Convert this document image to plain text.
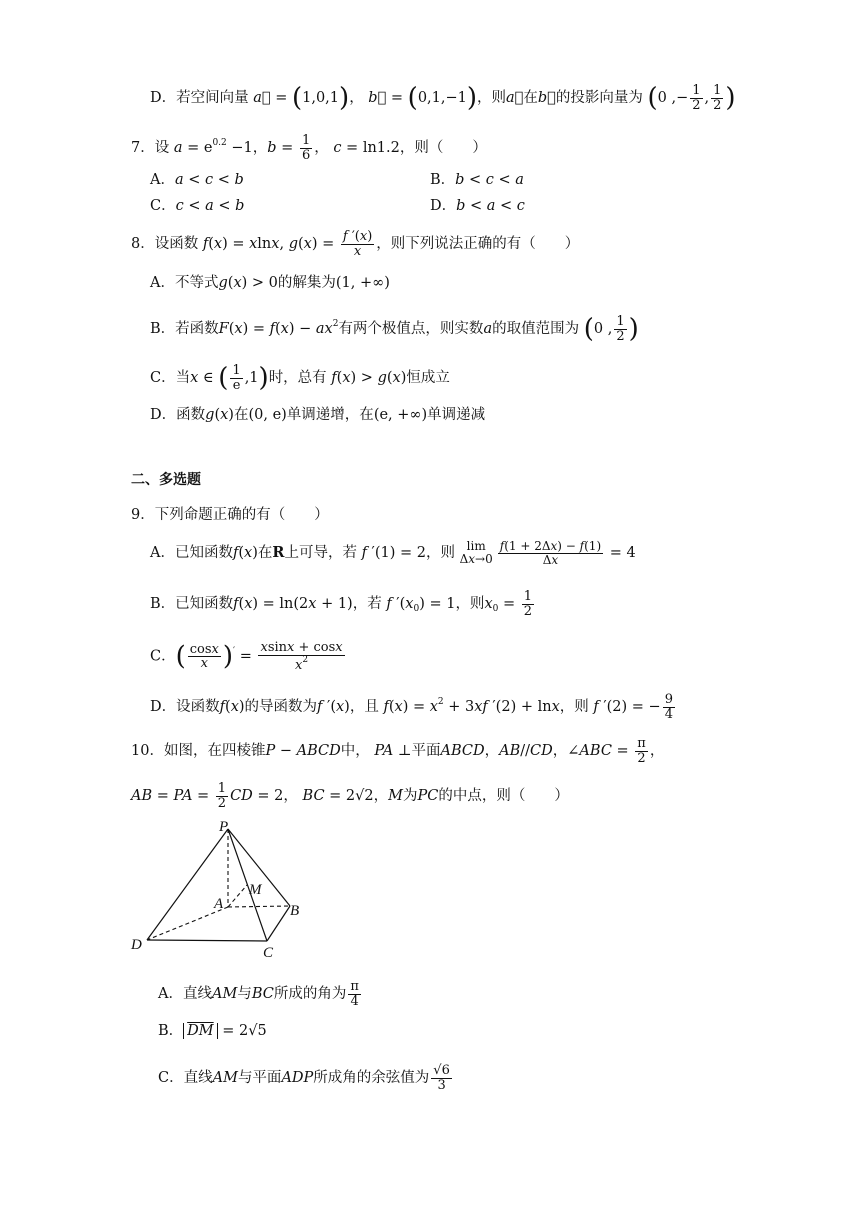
D．若空间向量 a⃗ = (1,0,1)， b⃗ = (0,1,−1)，则a⃗在b⃗的投影向量为 (0 ,− $\frac{1}{2}$ , $\frac{1}{2}$ )
7．设 $a = e^{0.2} -1$，$b = \frac{1}{6}$ ， c = ln1.2，则（　　）
A．a < c < b	B．b < c < a
C．c < a < b	D．b < a < c
8．设函数 f(x) = xlnx, $g(x) = \frac{f '(x)}{x}$ ，则下列说法正确的有（　　）
A．不等式g(x) > 0的解集为(1, +∞)
B．若函数$F(x) = f(x) - ax^2$有两个极值点，则实数a的取值范围为 (0 , $\frac{1}{2}$ )
C．当x ∈ ( $\frac{1}{e} ,1$)时，总有 f(x) > g(x)恒成立
D．函数g(x)在(0, e)单调递增，在(e, +∞)单调递减
二、多选题
9．下列命题正确的有（　　）
A．已知函数f(x)在R上可导，若 f ′(1) = 2，则 lim
$\Delta x\to 0 \frac{f(1 + 2\Delta x) - f(1)}{\Delta x} = 4$
B．已知函数f(x) = ln(2x + 1)，若 f $'(x_0) = 1$，则$x_0 = \frac{1}{2}$
C．( $\frac{\cos x}{x} )' = \frac{xsinx + \cos x}{x^2}$
D．设函数f(x)的导函数为f ′(x)，且 $f(x) = x^2 + 3xf$ ′(2) + lnx，则 f ′(2) = − $\frac{9}{4}$
10．如图，在四棱锥P − ABCD中， PA ⊥平面ABCD，AB//CD，∠ABC = $\frac{\pi}{2}$ ，
AB = PA = $\frac{1}{2}$ CD = 2， BC = 2√2，M为PC的中点，则（　　）
P
M
A	B
C
D
A．直线AM与BC所成的角为 $\frac{\pi}{4}$
B． $\overline{DM} = 2√5$
C．直线AM与平面ADP所成角的余弦值为 $\frac{√6}{3}$
